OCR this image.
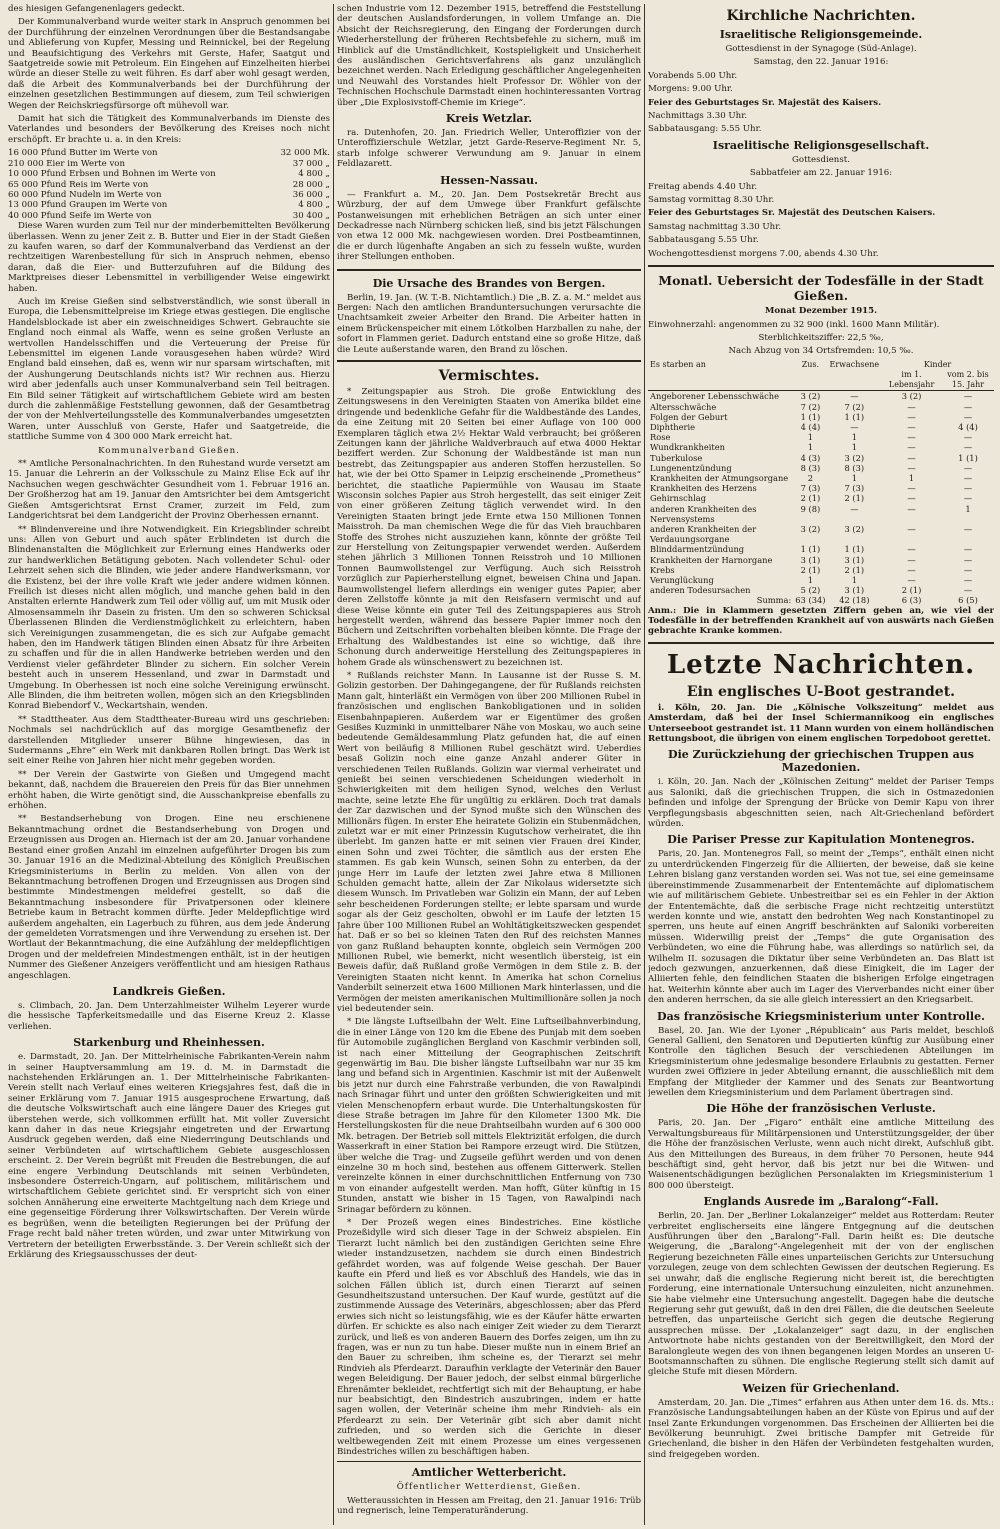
des hiesigen Gefangenenlagers gedeckt.

Der Kommunalverband wurde weiter stark in Anspruch genommen bei der Durchführung der einzelnen Verordnungen über die Bestandsangabe und Ablieferung von Kupfer, Messing und Reinnickel, bei der Regelung und Beaufsichtigung des Verkehrs mit Gerste, Hafer, Saatgut und Saatgetreide sowie mit Petroleum. Ein Eingehen auf Einzelheiten hierbei würde an dieser Stelle zu weit führen. Es darf aber wohl gesagt werden, daß die Arbeit des Kommunalverbands bei der Durchführung der einzelnen gesetzlichen Bestimmungen auf diesem, zum Teil schwierigen Wegen der Reichskriegsfürsorge oft mühevoll war.

Damit hat sich die Tätigkeit des Kommunalverbands im Dienste des Vaterlandes und besonders der Bevölkerung des Kreises noch nicht erschöpft. Er brachte u. a. in den Kreis:

16 000 Pfund Butter im Werte von	32 000 Mk.
210 000 Eier im Werte von	37 000 „
10 000 Pfund Erbsen und Bohnen im Werte von	4 800 „
65 000 Pfund Reis im Werte von	28 000 „
60 000 Pfund Nudeln im Werte von	36 000 „
13 000 Pfund Graupen im Werte von	4 800 „
40 000 Pfund Seife im Werte von	30 400 „

Diese Waren wurden zum Teil nur der minderbemittelten Bevölkerung überlassen. Wenn zu jener Zeit z. B. Butter und Eier in der Stadt Gießen zu kaufen waren, so darf der Kommunalverband das Verdienst an der rechtzeitigen Warenbestellung für sich in Anspruch nehmen, ebenso daran, daß die Eier- und Butterzufuhren auf die Bildung des Marktpreises dieser Lebensmittel in verbilligender Weise eingewirkt haben.

Auch im Kreise Gießen sind selbstverständlich, wie sonst überall in Europa, die Lebensmittelpreise im Kriege etwas gestiegen. Die englische Handelsblockade ist aber ein zweischneidiges Schwert. Gebrauchte sie England noch einmal als Waffe, wenn es seine großen Verluste an wertvollen Handelsschiffen und die Verteuerung der Preise für Lebensmittel im eigenen Lande vorausgesehen haben würde? Wird England bald einsehen, daß es, wenn wir nur sparsam wirtschaften, mit der Aushungerung Deutschlands nichts ist? Wir rechnen aus. Hierzu wird aber jedenfalls auch unser Kommunalverband sein Teil beitragen. Ein Bild seiner Tätigkeit auf wirtschaftlichem Gebiete wird am besten durch die zahlenmäßige Feststellung gewonnen, daß der Gesamtbetrag der von der Mehlverteilungsstelle des Kommunalverbandes umgesetzten Waren, unter Ausschluß von Gerste, Hafer und Saatgetreide, die stattliche Summe von 4 300 000 Mark erreicht hat.

Kommunalverband Gießen.

** Amtliche Personalnachrichten. In den Ruhestand wurde versetzt am 15. Januar die Lehrerin an der Volksschule zu Mainz Elise Eck auf ihr Nachsuchen wegen geschwächter Gesundheit vom 1. Februar 1916 an. Der Großherzog hat am 19. Januar den Amtsrichter bei dem Amtsgericht Gießen Amtsgerichtsrat Ernst Cramer, zurzeit im Feld, zum Landgerichtsrat bei dem Landgericht der Provinz Oberhessen ernannt.

** Blindenvereine und ihre Notwendigkeit. Ein Kriegsblinder schreibt uns: Allen von Geburt und auch später Erblindeten ist durch die Blindenanstalten die Möglichkeit zur Erlernung eines Handwerks oder zur handwerklichen Betätigung geboten. Nach vollendeter Schul- oder Lehrzeit sehen sich die Blinden, wie jeder andere Handwerksmann, vor die Existenz, bei der ihre volle Kraft wie jeder andere widmen können. Freilich ist dieses nicht allen möglich, und manche gehen bald in den Anstalten erlernte Handwerk zum Teil oder völlig auf, um mit Musik oder Almosensammeln ihr Dasein zu fristen. Um den so schweren Schicksal Überlassenen Blinden die Verdienstmöglichkeit zu erleichtern, haben sich Vereinigungen zusammengetan, die es sich zur Aufgabe gemacht haben, den im Handwerk tätigen Blinden einen Absatz für ihre Arbeiten zu schaffen und für die in allen Handwerke betrieben werden und den Verdienst vieler gefährdeter Blinder zu sichern. Ein solcher Verein besteht auch in unserem Hessenland, und zwar in Darmstadt und Umgebung. In Oberhessen ist noch eine solche Vereinigung erwünscht. Alle Blinden, die ihm beitreten wollen, mögen sich an den Kriegsblinden Konrad Biebendorf V., Weckartshain, wenden.

** Stadttheater. Aus dem Stadttheater-Bureau wird uns geschrieben: Nochmals sei nachdrücklich auf das morgige Gesamtbenefiz der darstellenden Mitglieder unserer Bühne hingewiesen, das in Sudermanns „Ehre“ ein Werk mit dankbaren Rollen bringt. Das Werk ist seit einer Reihe von Jahren hier nicht mehr gegeben worden.

** Der Verein der Gastwirte von Gießen und Umgegend macht bekannt, daß, nachdem die Brauereien den Preis für das Bier unnehmen erhöht haben, die Wirte genötigt sind, die Ausschankpreise ebenfalls zu erhöhen.

** Bestandserhebung von Drogen. Eine neu erschienene Bekanntmachung ordnet die Bestandserhebung von Drogen und Erzeugnissen aus Drogen an. Hiernach ist der am 20. Januar vorhandene Bestand einer großen Anzahl im einzelnen aufgeführter Drogen bis zum 30. Januar 1916 an die Medizinal-Abteilung des Königlich Preußischen Kriegsministeriums in Berlin zu melden. Von allen von der Bekanntmachung betroffenen Drogen und Erzeugnissen aus Drogen sind bestimmte Mindestmengen meldefrei gestellt, so daß die Bekanntmachung insbesondere für Privatpersonen oder kleinere Betriebe kaum in Betracht kommen dürfte. Jeder Meldepflichtige wird außerdem angehalten, ein Lagerbuch zu führen, aus dem jede Änderung der gemeldeten Vorratsmengen und ihre Verwendung zu ersehen ist. Der Wortlaut der Bekanntmachung, die eine Aufzählung der meldepflichtigen Drogen und der meldefreien Mindestmengen enthält, ist in der heutigen Nummer des Gießener Anzeigers veröffentlicht und am hiesigen Rathaus angeschlagen.

Landkreis Gießen.

s. Climbach, 20. Jan. Dem Unterzahlmeister Wilhelm Leyerer wurde die hessische Tapferkeitsmedaille und das Eiserne Kreuz 2. Klasse verliehen.

Starkenburg und Rheinhessen.

e. Darmstadt, 20. Jan. Der Mittelrheinische Fabrikanten-Verein nahm in seiner Hauptversammlung am 19. d. M. in Darmstadt die nachstehenden Erklärungen an. 1. Der Mittelrheinische Fabrikanten-Verein stellt nach Verlauf eines weiteren Kriegsjahres fest, daß die in seiner Erklärung vom 7. Januar 1915 ausgesprochene Erwartung, daß die deutsche Volkswirtschaft auch eine längere Dauer des Krieges gut überstehen werde, sich vollkommen erfüllt hat. Mit voller Zuversicht kann daher in das neue Kriegsjahr eingetreten und der Erwartung Ausdruck gegeben werden, daß eine Niederringung Deutschlands und seiner Verbündeten auf wirtschaftlichem Gebiete ausgeschlossen erscheint. 2. Der Verein begrüßt mit Freuden die Bestrebungen, die auf eine engere Verbindung Deutschlands mit seinen Verbündeten, insbesondere Österreich-Ungarn, auf politischem, militärischem und wirtschaftlichem Gebiete gerichtet sind. Er verspricht sich von einer solchen Annäherung eine erweiterte Machtgeltung nach dem Kriege und eine gegenseitige Förderung ihrer Volkswirtschaften. Der Verein würde es begrüßen, wenn die beteiligten Regierungen bei der Prüfung der Frage recht bald näher treten würden, und zwar unter Mitwirkung von Vertretern der beteiligten Erwerbsstände. 3. Der Verein schließt sich der Erklärung des Kriegsausschusses der deut-

schen Industrie vom 12. Dezember 1915, betreffend die Feststellung der deutschen Auslandsforderungen, in vollem Umfange an. Die Absicht der Reichsregierung, den Eingang der Forderungen durch Wiederherstellung der früheren Rechtsbefehle zu sichern, muß im Hinblick auf die Umständlichkeit, Kostspieligkeit und Unsicherheit des ausländischen Gerichtsverfahrens als ganz unzulänglich bezeichnet werden. Nach Erledigung geschäftlicher Angelegenheiten und Neuwahl des Vorstandes hielt Professor Dr. Wöhler von der Technischen Hochschule Darmstadt einen hochinteressanten Vortrag über „Die Explosivstoff-Chemie im Kriege“.

Kreis Wetzlar.

ra. Dutenhofen, 20. Jan. Friedrich Weller, Unteroffizier von der Unteroffizierschule Wetzlar, jetzt Garde-Reserve-Regiment Nr. 5, starb infolge schwerer Verwundung am 9. Januar in einem Feldlazarett.

Hessen-Nassau.

— Frankfurt a. M., 20. Jan. Dem Postsekretär Brecht aus Würzburg, der auf dem Umwege über Frankfurt gefälschte Postanweisungen mit erheblichen Beträgen an sich unter einer Deckadresse nach Nürnberg schicken ließ, sind bis jetzt Fälschungen von etwa 12 000 Mk. nachgewiesen worden. Drei Postbeamtinnen, die er durch lügenhafte Angaben an sich zu fesseln wußte, wurden ihrer Stellungen enthoben.

Die Ursache des Brandes von Bergen.

Berlin, 19. Jan. (W. T.-B. Nichtamtlich.) Die „B. Z. a. M.“ meldet aus Bergen: Nach den amtlichen Branduntersuchungen verursachte die Unachtsamkeit zweier Arbeiter den Brand. Die Arbeiter hatten in einem Brückenspeicher mit einem Lötkolben Harzballen zu nahe, der sofort in Flammen geriet. Dadurch entstand eine so große Hitze, daß die Leute außerstande waren, den Brand zu löschen.

Vermischtes.

* Zeitungspapier aus Stroh. Die große Entwicklung des Zeitungswesens in den Vereinigten Staaten von Amerika bildet eine dringende und bedenkliche Gefahr für die Waldbestände des Landes, da eine Zeitung mit 20 Seiten bei einer Auflage von 100 000 Exemplaren täglich etwa 2½ Hektar Wald verbraucht; bei größeren Zeitungen kann der jährliche Waldverbrauch auf etwa 4000 Hektar beziffert werden. Zur Schonung der Waldbestände ist man nun bestrebt, das Zeitungspapier aus anderen Stoffen herzustellen. So hat, wie der bei Otto Spamer in Leipzig erscheinende „Prometheus“ berichtet, die staatliche Papiermühle von Wausau im Staate Wisconsin solches Papier aus Stroh hergestellt, das seit einiger Zeit von einer größeren Zeitung täglich verwendet wird. In den Vereinigten Staaten bringt jede Ernte etwa 150 Millionen Tonnen Maisstroh. Da man chemischen Wege die für das Vieh brauchbaren Stoffe des Strohes nicht auszuziehen kann, könnte der größte Teil zur Herstellung von Zeitungspapier verwendet werden. Außerdem stehen jährlich 3 Millionen Tonnen Reisstroh und 10 Millionen Tonnen Baumwollstengel zur Verfügung. Auch sich Reisstroh vorzüglich zur Papierherstellung eignet, beweisen China und Japan. Baumwollstengel liefern allerdings ein weniger gutes Papier, aber deren Zellstoffe könnte ja mit den Reisfasern vermischt und auf diese Weise könnte ein guter Teil des Zeitungspapieres aus Stroh hergestellt werden, während das bessere Papier immer noch den Büchern und Zeitschriften vorbehalten bleiben könnte. Die Frage der Erhaltung des Waldbestandes ist eine so wichtige, daß ihre Schonung durch anderweitige Herstellung des Zeitungspapieres in hohem Grade als wünschenswert zu bezeichnen ist.

* Rußlands reichster Mann. In Lausanne ist der Russe S. M. Golizin gestorben. Der Dahingegangene, der für Rußlands reichsten Mann galt, hinterläßt ein Vermögen von über 200 Millionen Rubel in französischen und englischen Bankobligationen und in soliden Eisenbahnpapieren. Außerdem war er Eigentümer des großen Gesißes Kuzminki in unmittelbarer Nähe von Moskau, wo auch seine bedeutende Gemäldesammlung Platz gefunden hat, die auf einen Wert von beiläufig 8 Millionen Rubel geschätzt wird. Ueberdies besaß Golizin noch eine ganze Anzahl anderer Güter in verschiedenen Teilen Rußlands. Golizin war viermal verheiratet und genießt bei seinen verschiedenen Scheidungen wiederholt in Schwierigkeiten mit dem heiligen Synod, welches den Verlust machte, seine letzte Ehe für ungültig zu erklären. Doch trat damals der Zar dazwischen und der Synod mußte sich den Wünschen des Millionärs fügen. In erster Ehe heiratete Golizin ein Stubenmädchen, zuletzt war er mit einer Prinzessin Kugutschow verheiratet, die ihn überlebt. Im ganzen hatte er mit seinen vier Frauen drei Kinder, einen Sohn und zwei Töchter, die sämtlich aus der ersten Ehe stammen. Es gab kein Wunsch, seinen Sohn zu enterben, da der junge Herr im Laufe der letzten zwei Jahre etwa 8 Millionen Schulden gemacht hatte, allein der Zar Nikolaus widersetzte sich diesem Wunsch. Im Privatleben war Golizin ein Mann, der auf Leben sehr bescheidenen Forderungen stellte; er lebte sparsam und wurde sogar als der Geiz gescholten, obwohl er im Laufe der letzten 15 Jahre über 100 Millionen Rubel an Wohltätigkeitszwecken gespendet hat. Daß er so bei so kleinen Taten den Ruf des reichsten Mannes von ganz Rußland behaupten konnte, obgleich sein Vermögen 200 Millionen Rubel, wie bemerkt, nicht wesentlich übersteig, ist ein Beweis dafür, daß Rußland große Vermögen in dem Stile z. B. der Vereinigten Staaten nicht kennt. In Amerika hat schon Cornelius Vanderbilt seinerzeit etwa 1600 Millionen Mark hinterlassen, und die Vermögen der meisten amerikanischen Multimillionäre sollen ja noch viel bedeutender sein.

* Die längste Luftseilbahn der Welt. Eine Luftseilbahnverbindung, die in einer Länge von 120 km die Ebene des Punjab mit dem soeben für Automobile zugänglichen Bergland von Kaschmir verbinden soll, ist nach einer Mitteilung der Geographischen Zeitschrift gegenwärtig im Bau. Die bisher längste Luftseilbahn war nur 35 km lang und befand sich in Argentinien. Kaschmir ist mit der Außenwelt bis jetzt nur durch eine Fahrstraße verbunden, die von Rawalpindi nach Srinagar führt und unter den größten Schwierigkeiten und mit vielen Menschenopfern erbaut wurde. Die Unterhaltungskosten für diese Straße betragen im Jahre für den Kilometer 1300 Mk. Die Herstellungskosten für die neue Drahtseilbahn wurden auf 6 300 000 Mk. betragen. Der Betrieb soll mittels Elektrizität erfolgen, die durch Wasserkraft in einer Station bei Rampore erzeugt wird. Die Stützen, über welche die Trag- und Zugseile geführt werden und von denen einzelne 30 m hoch sind, bestehen aus offenem Gitterwerk. Stellen vereinzelte können in einer durchschnittlichen Entfernung von 730 m von einander aufgestellt werden. Man hofft, Güter künftig in 15 Stunden, anstatt wie bisher in 15 Tagen, von Rawalpindi nach Srinagar befördern zu können.

* Der Prozeß wegen eines Bindestriches. Eine köstliche Prozeßidylle wird sich dieser Tage in der Schweiz abspielen. Ein Tierarzt lucht nämlich bei den zuständigen Gerichten seine Ehre wieder instandzusetzen, nachdem sie durch einen Bindestrich gefährdet worden, was auf folgende Weise geschah. Der Bauer kaufte ein Pferd und ließ es vor Abschluß des Handels, wie das in solchen Fällen üblich ist, durch einen Tierarzt auf seinen Gesundheitszustand untersuchen. Der Kauf wurde, gestützt auf die zustimmende Aussage des Veterinärs, abgeschlossen; aber das Pferd erwies sich nicht so leistungsfähig, wie es der Käufer hätte erwarten dürfen. Er schickte es also nach einiger Zeit wieder zu dem Tierarzt zurück, und ließ es von anderen Bauern des Dorfes zeigen, um ihn zu fragen, was er nun zu tun habe. Dieser mußte nun in einem Brief an den Bauer zu schreiben, ihm scheine es, der Tierarzt sei mehr Rindvieh als Pferdearzt. Daraufhin verklagte der Veterinär den Bauer wegen Beleidigung. Der Bauer jedoch, der selbst einmal bürgerliche Ehrenämter bekleidet, rechtfertigt sich mit der Behauptung, er habe nur beabsichtigt, den Bindestrich auszubringen, indem er hatte sagen wollen, der Veterinär scheine ihm mehr Rindvieh- als ein Pferdearzt zu sein. Der Veterinär gibt sich aber damit nicht zufrieden, und so werden sich die Gerichte in dieser weltbewegenden Zeit mit einem Prozesse um eines vergessenen Bindestriches willen zu beschäftigen haben.

Amtlicher Wetterbericht.

Öffentlicher Wetterdienst, Gießen.

Wetteraussichten in Hessen am Freitag, den 21. Januar 1916: Trüb und regnerisch, leine Temperaturänderung.

Kirchliche Nachrichten.
Israelitische Religionsgemeinde.

Gottesdienst in der Synagoge (Süd-Anlage).

Samstag, den 22. Januar 1916:

Vorabends 5.00 Uhr.

Morgens: 9.00 Uhr.

Feier des Geburtstages Sr. Majestät des Kaisers.

Nachmittags 3.30 Uhr.

Sabbatausgang: 5.55 Uhr.

Israelitische Religionsgesellschaft.

Gottesdienst.

Sabbatfeier am 22. Januar 1916:

Freitag abends 4.40 Uhr.

Samstag vormittag 8.30 Uhr.

Feier des Geburtstages Sr. Majestät des Deutschen Kaisers.

Samstag nachmittag 3.30 Uhr.

Sabbatausgang 5.55 Uhr.

Wochengottesdienst morgens 7.00, abends 4.30 Uhr.

Monatl. Uebersicht der Todesfälle in der Stadt Gießen.

Monat Dezember 1915.

Einwohnerzahl: angenommen zu 32 900 (inkl. 1600 Mann Militär).

Sterblichkeitsziffer: 22,5 ‰,

Nach Abzug von 34 Ortsfremden: 10,5 ‰.

Es starben an	Zus.	Erwachsene	Kinder	
			im 1. Lebensjahr	vom 2. bis 15. Jahr
Angeborener Lebensschwäche	3 (2)	—	3 (2)	—
Altersschwäche	7 (2)	7 (2)	—	—
Folgen der Geburt	1 (1)	1 (1)	—	—
Diphtherie	4 (4)	—	—	4 (4)
Rose	1	1	—	—
Wundkrankheiten	1	1	—	—
Tuberkulose	4 (3)	3 (2)	—	1 (1)
Lungenentzündung	8 (3)	8 (3)	—	—
Krankheiten der Atmungsorgane	2	1	1	—
Krankheiten des Herzens	7 (3)	7 (3)	—	—
Gehirnschlag	2 (1)	2 (1)	—	—
anderen Krankheiten des Nervensystems	9 (8)	—	—	1
anderen Krankheiten der Verdauungsorgane	3 (2)	3 (2)	—	—
Blinddarmentzündung	1 (1)	1 (1)	—	—
Krankheiten der Harnorgane	3 (1)	3 (1)	—	—
Krebs	2 (1)	2 (1)	—	—
Verunglückung	1	1	—	—
anderen Todesursachen	5 (2)	3 (1)	2 (1)	—
Summa:	63 (34)	42 (18)	6 (3)	6 (5)

Anm.: Die in Klammern gesetzten Ziffern geben an, wie viel der Todesfälle in der betreffenden Krankheit auf von auswärts nach Gießen gebrachte Kranke kommen.

Letzte Nachrichten.
Ein englisches U-Boot gestrandet.

i. Köln, 20. Jan. Die „Kölnische Volkszeitung“ meldet aus Amsterdam, daß bei der Insel Schiermannikoog ein englisches Unterseeboot gestrandet ist. 11 Mann wurden von einem holländischen Rettungsboot, die übrigen von einem englischen Torpedoboot gerettet.

Die Zurückziehung der griechischen Truppen aus Mazedonien.

i. Köln, 20. Jan. Nach der „Kölnischen Zeitung“ meldet der Pariser Temps aus Saloniki, daß die griechischen Truppen, die sich in Ostmazedonien befinden und infolge der Sprengung der Brücke von Demir Kapu von ihrer Verpflegungsbasis abgeschnitten seien, nach Alt-Griechenland befördert würden.

Die Pariser Presse zur Kapitulation Montenegros.

Paris, 20. Jan. Montenegros Fall, so meint der „Temps“, enthält einen nicht zu unterdrückenden Fingerzeig für die Alliierten, der beweise, daß sie keine Lehren bislang ganz verstanden worden sei. Was not tue, sei eine gemeinsame übereinstimmende Zusammenarbeit der Ententemächte auf diplomatischem wie auf militärischem Gebiete. Unbestreitbar sei es ein Fehler in der Aktion der Ententemächte, daß die serbische Frage nicht rechtzeitig unterstützt werden konnte und wie, anstatt den bedrohten Weg nach Konstantinopel zu sperren, uns heute auf einen Angriff beschränkten auf Saloniki vorbereiten müssen. Widerwillig preist der „Temps“ die gute Organisation des Verbündeten, wo eine die Führung habe, was allerdings so natürlich sei, da Wilhelm II. sozusagen die Diktatur über seine Verbündeten an. Das Blatt ist jedoch gezwungen, anzuerkennen, daß diese Einigkeit, die im Lager der Alliierten fehle, den feindlichen Staaten die bisherigen Erfolge eingetragen hat. Weiterhin könnte aber auch im Lager des Vierverbandes nicht einer über den anderen herrschen, da sie alle gleich interessiert an den Kriegsarbeit.

Das französische Kriegsministerium unter Kontrolle.

Basel, 20. Jan. Wie der Lyoner „Républicain“ aus Paris meldet, beschloß General Gallieni, den Senatoren und Deputierten künftig zur Ausübung einer Kontrolle den täglichen Besuch der verschiedenen Abteilungen im Kriegsministerium ohne jedesmalige besondere Erlaubnis zu gestatten. Ferner wurden zwei Offiziere in jeder Abteilung ernannt, die ausschließlich mit dem Empfang der Mitglieder der Kammer und des Senats zur Beantwortung jeweilen dem Kriegsministerium und dem Parlament übertragen sind.

Die Höhe der französischen Verluste.

Paris, 20. Jan. Der „Figaro“ enthält eine amtliche Mitteilung des Verwaltungsbureaus für Militärpensionen und Unterstützungsgelder, der über die Höhe der französischen Verluste, wenn auch nicht direkt, Aufschluß gibt. Aus den Mitteilungen des Bureaus, in dem früher 70 Personen, heute 944 beschäftigt sind, geht hervor, daß bis jetzt nur bei die Witwen- und Waisenentschädigungen bezüglichen Personalakten im Kriegsministerium 1 800 000 übersteigt.

Englands Ausrede im „Baralong“-Fall.

Berlin, 20. Jan. Der „Berliner Lokalanzeiger“ meldet aus Rotterdam: Reuter verbreitet englischerseits eine längere Entgegnung auf die deutschen Ausführungen über den „Baralong“-Fall. Darin heißt es: Die deutsche Weigerung, die „Baralong“-Angelegenheit mit der von der englischen Regierung bezeichneten Fälle eines unparteiischen Gerichts zur Untersuchung vorzulegen, zeuge von dem schlechten Gewissen der deutschen Regierung. Es sei unwahr, daß die englische Regierung nicht bereit ist, die berechtigten Forderung, eine internationale Untersuchung einzuleiten, nicht anzunehmen. Sie habe vielmehr eine Untersuchung angestellt. Dagegen habe die deutsche Regierung sehr gut gewußt, daß in den drei Fällen, die die deutschen Seeleute betreffen, das unparteiische Gericht sich gegen die deutsche Regierung aussprechen müsse. Der „Lokalanzeiger“ sagt dazu, in der englischen Antwortnote habe nichts gestanden von der Bereitwilligkeit, den Mord der Baralongleute wegen des von ihnen begangenen leigen Mordes an unseren U-Bootsmannschaften zu sühnen. Die englische Regierung stellt sich damit auf gleiche Stufe mit diesen Mördern.

Weizen für Griechenland.

Amsterdam, 20. Jan. Die „Times“ erfahren aus Athen unter dem 16. ds. Mts.: Französische Landungsabteilungen haben an der Küste von Epirus und auf der Insel Zante Erkundungen vorgenommen. Das Erscheinen der Alliierten bei die Bevölkerung beunruhigt. Zwei britische Dampfer mit Getreide für Griechenland, die bisher in den Häfen der Verbündeten festgehalten wurden, sind freigegeben worden.
